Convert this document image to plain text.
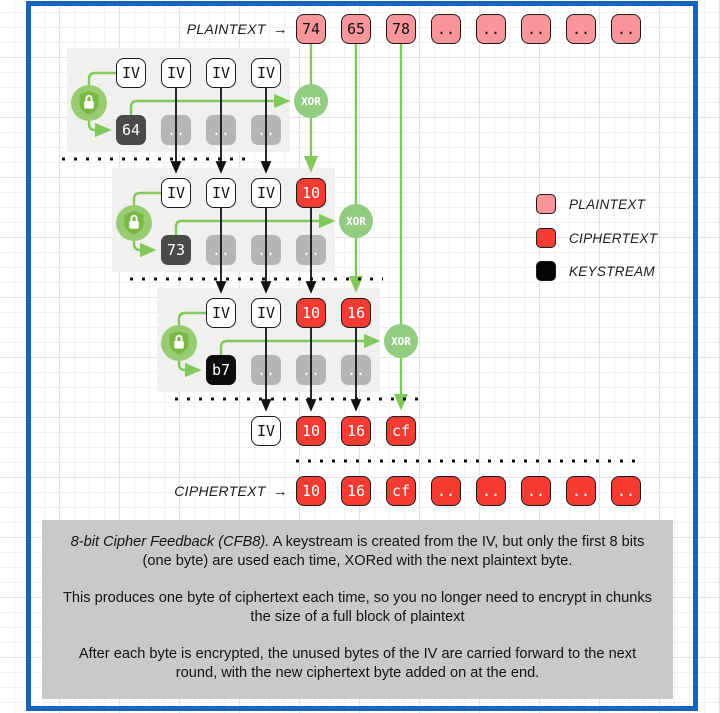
PLAINTEXT → 74	65	78	..	..	..	..	..
IV	IV	IV	IV
64	..	..	..
IV	IV	IV	10
73	..	..	..
IV	IV	10	16
b7	..	..	..
IV	10	16	cf
CIPHERTEXT → 10	16	cf	..	..	..	..	..
XOR
XOR
XOR
PLAINTEXT
CIPHERTEXT
KEYSTREAM

8-bit Cipher Feedback (CFB8). A keystream is created from the IV, but only the first 8 bits (one byte) are used each time, XORed with the next plaintext byte.

This produces one byte of ciphertext each time, so you no longer need to encrypt in chunks the size of a full block of plaintext

After each byte is encrypted, the unused bytes of the IV are carried forward to the next round, with the new ciphertext byte added on at the end.
